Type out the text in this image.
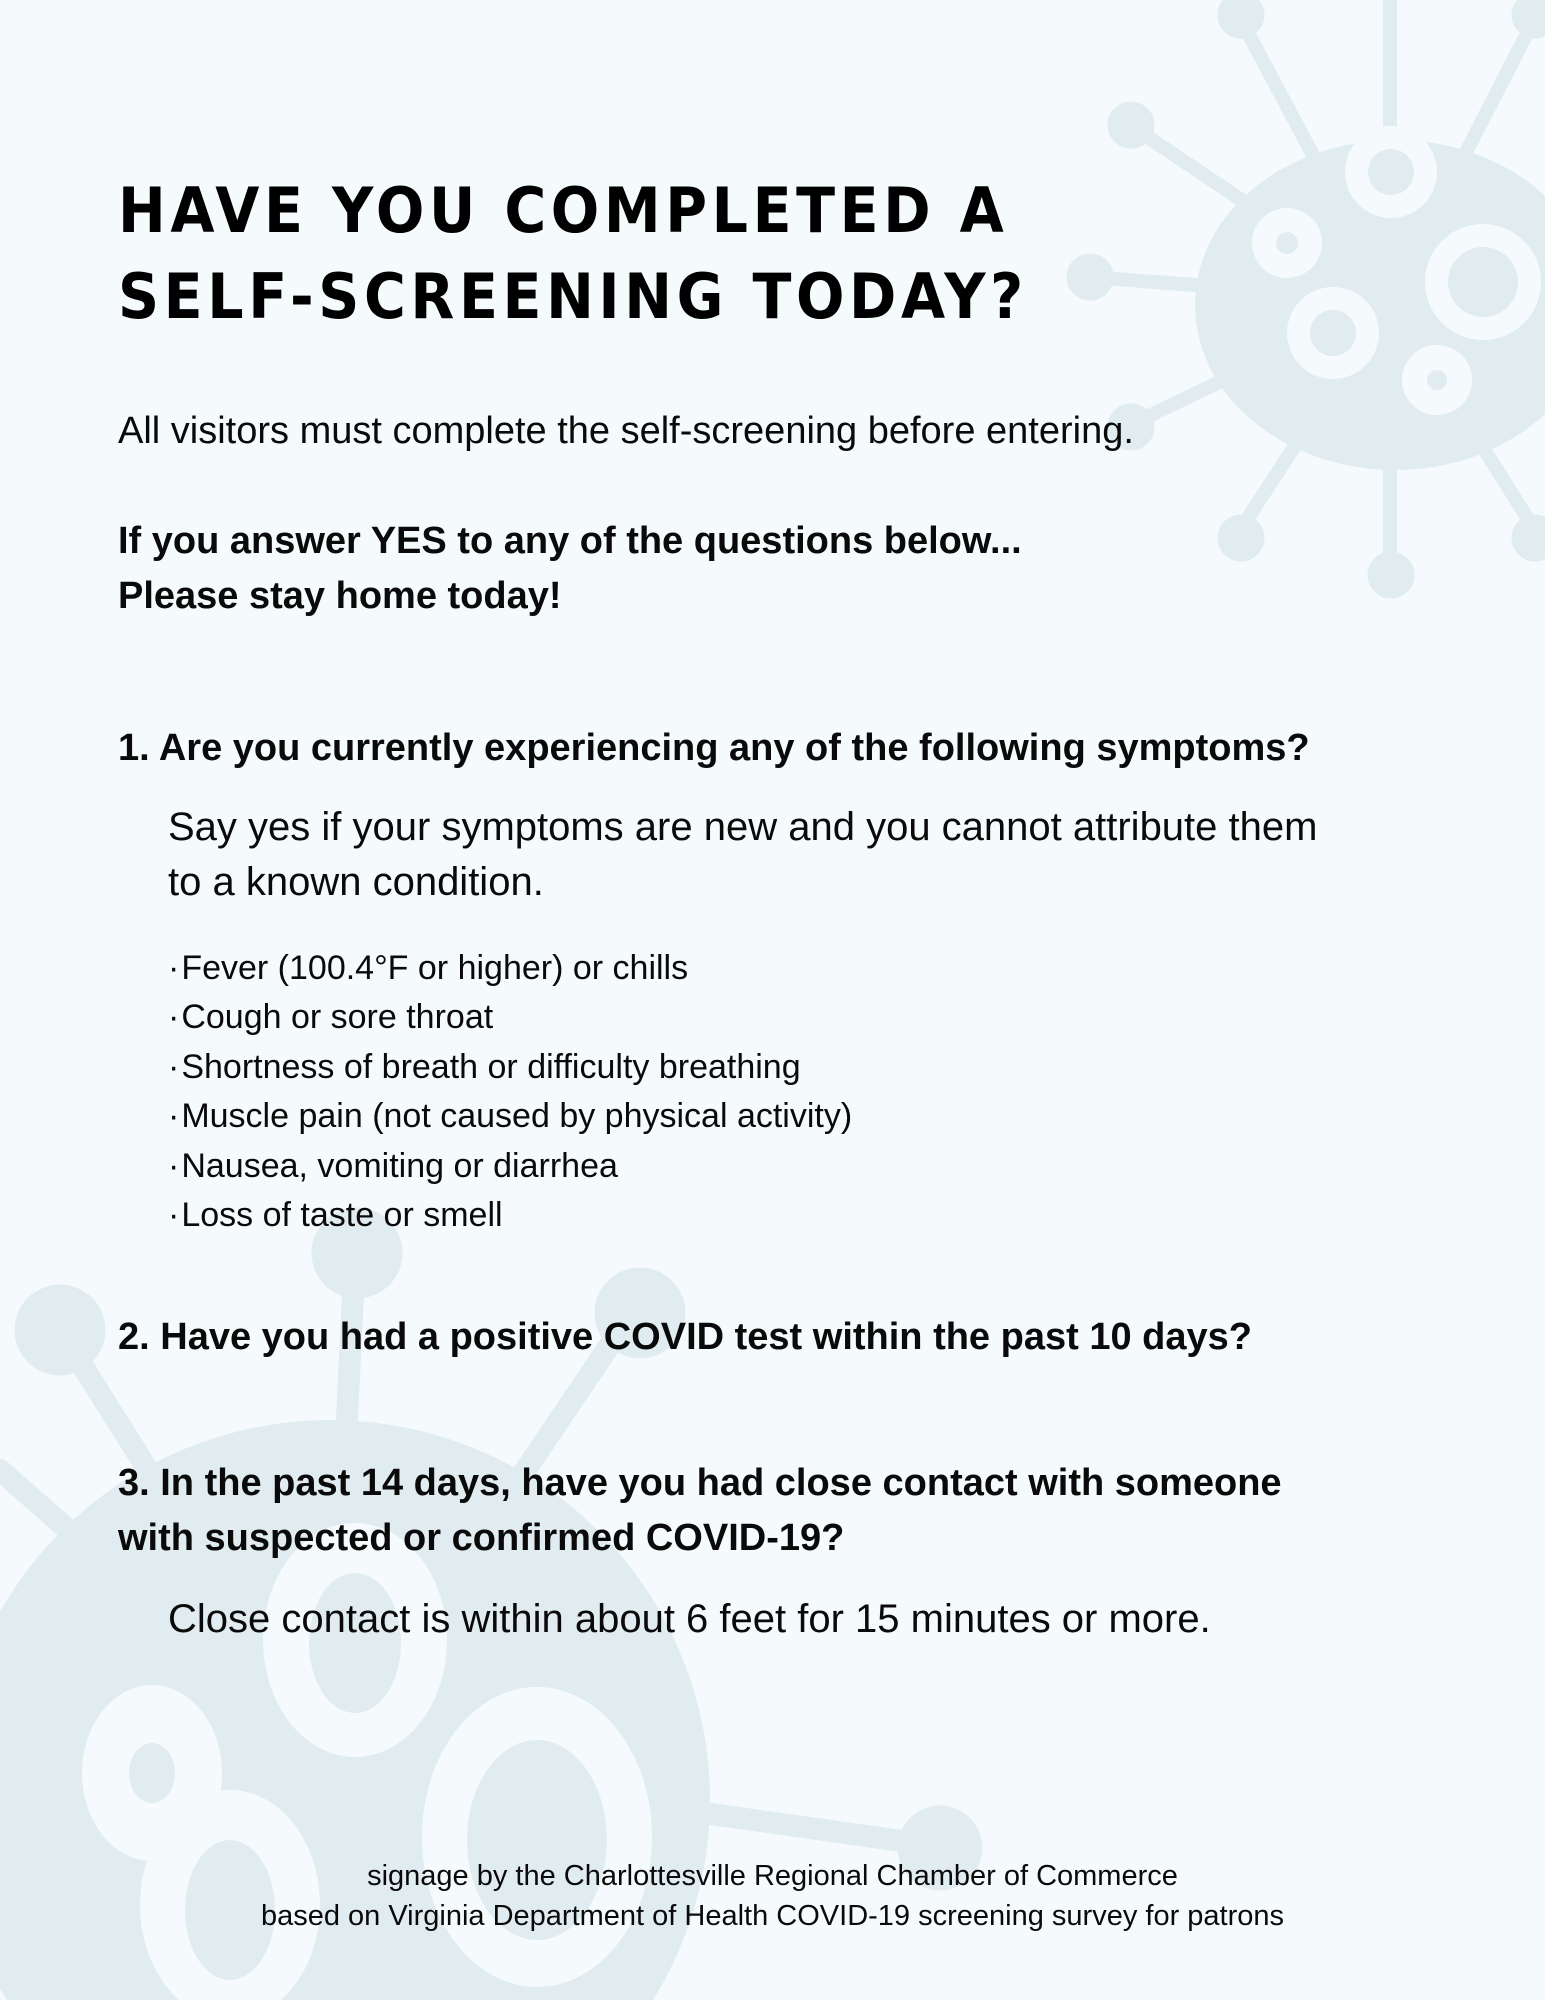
HAVE YOU COMPLETED A
SELF-SCREENING TODAY?

All visitors must complete the self-screening before entering.

If you answer YES to any of the questions below...
Please stay home today!

1. Are you currently experiencing any of the following symptoms?

Say yes if your symptoms are new and you cannot attribute them
to a known condition.

·Fever (100.4°F or higher) or chills
·Cough or sore throat
·Shortness of breath or difficulty breathing
·Muscle pain (not caused by physical activity)
·Nausea, vomiting or diarrhea
·Loss of taste or smell

2. Have you had a positive COVID test within the past 10 days?

3. In the past 14 days, have you had close contact with someone
with suspected or confirmed COVID-19?

Close contact is within about 6 feet for 15 minutes or more.

signage by the Charlottesville Regional Chamber of Commerce
based on Virginia Department of Health COVID-19 screening survey for patrons
